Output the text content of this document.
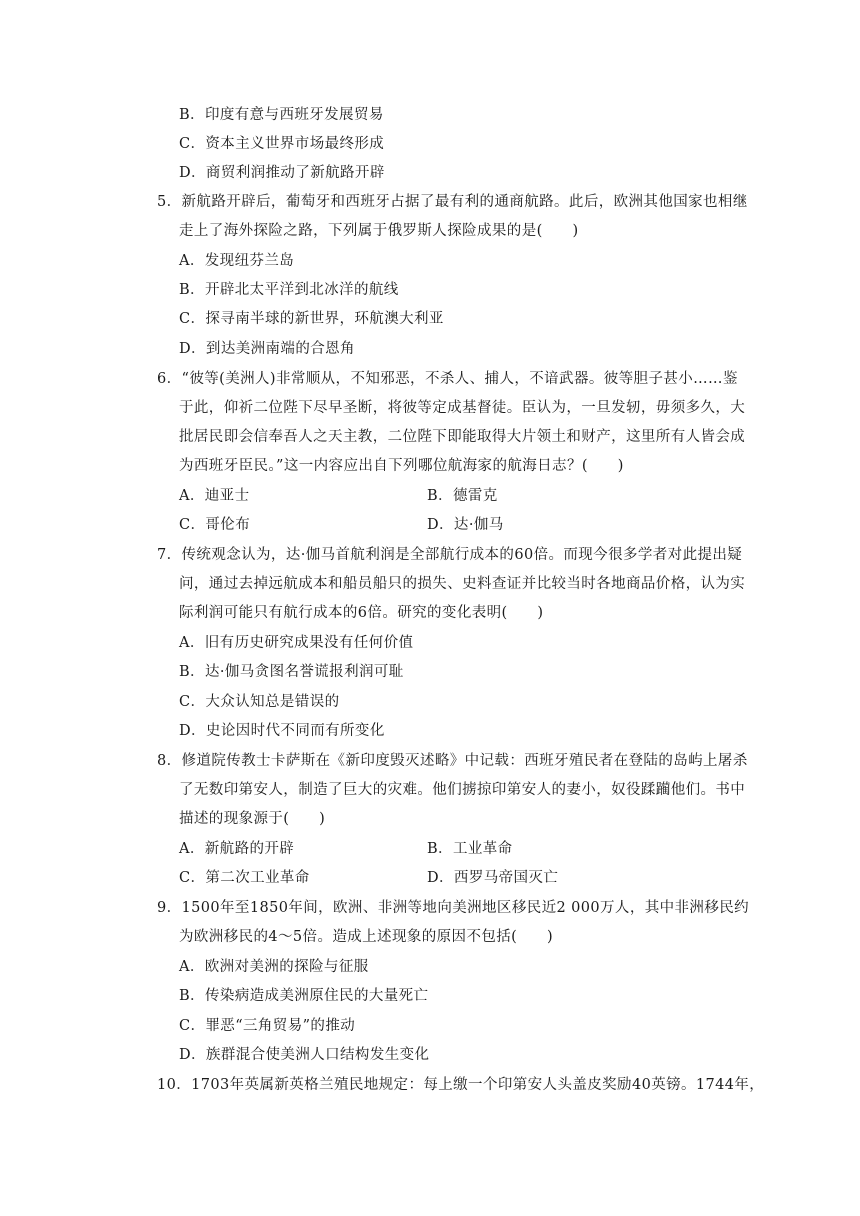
B．印度有意与西班牙发展贸易
C．资本主义世界市场最终形成
D．商贸利润推动了新航路开辟
5．新航路开辟后，葡萄牙和西班牙占据了最有利的通商航路。此后，欧洲其他国家也相继
走上了海外探险之路，下列属于俄罗斯人探险成果的是(　　)
A．发现纽芬兰岛
B．开辟北太平洋到北冰洋的航线
C．探寻南半球的新世界，环航澳大利亚
D．到达美洲南端的合恩角
6．“彼等(美洲人)非常顺从，不知邪恶，不杀人、捕人，不谙武器。彼等胆子甚小……鉴
于此，仰祈二位陛下尽早圣断，将彼等定成基督徒。臣认为，一旦发轫，毋须多久，大
批居民即会信奉吾人之天主教，二位陛下即能取得大片领土和财产，这里所有人皆会成
为西班牙臣民。”这一内容应出自下列哪位航海家的航海日志？(　　)
A．迪亚士	B．德雷克
C．哥伦布	D．达·伽马
7．传统观念认为，达·伽马首航利润是全部航行成本的60倍。而现今很多学者对此提出疑
问，通过去掉远航成本和船员船只的损失、史料查证并比较当时各地商品价格，认为实
际利润可能只有航行成本的6倍。研究的变化表明(　　)
A．旧有历史研究成果没有任何价值
B．达·伽马贪图名誉谎报利润可耻
C．大众认知总是错误的
D．史论因时代不同而有所变化
8．修道院传教士卡萨斯在《新印度毁灭述略》中记载：西班牙殖民者在登陆的岛屿上屠杀
了无数印第安人，制造了巨大的灾难。他们掳掠印第安人的妻小，奴役蹂躏他们。书中
描述的现象源于(　　)
A．新航路的开辟	B．工业革命
C．第二次工业革命	D．西罗马帝国灭亡
9．1500年至1850年间，欧洲、非洲等地向美洲地区移民近2 000万人，其中非洲移民约
为欧洲移民的4～5倍。造成上述现象的原因不包括(　　)
A．欧洲对美洲的探险与征服
B．传染病造成美洲原住民的大量死亡
C．罪恶“三角贸易”的推动
D．族群混合使美洲人口结构发生变化
10．1703年英属新英格兰殖民地规定：每上缴一个印第安人头盖皮奖励40英镑。1744年，
